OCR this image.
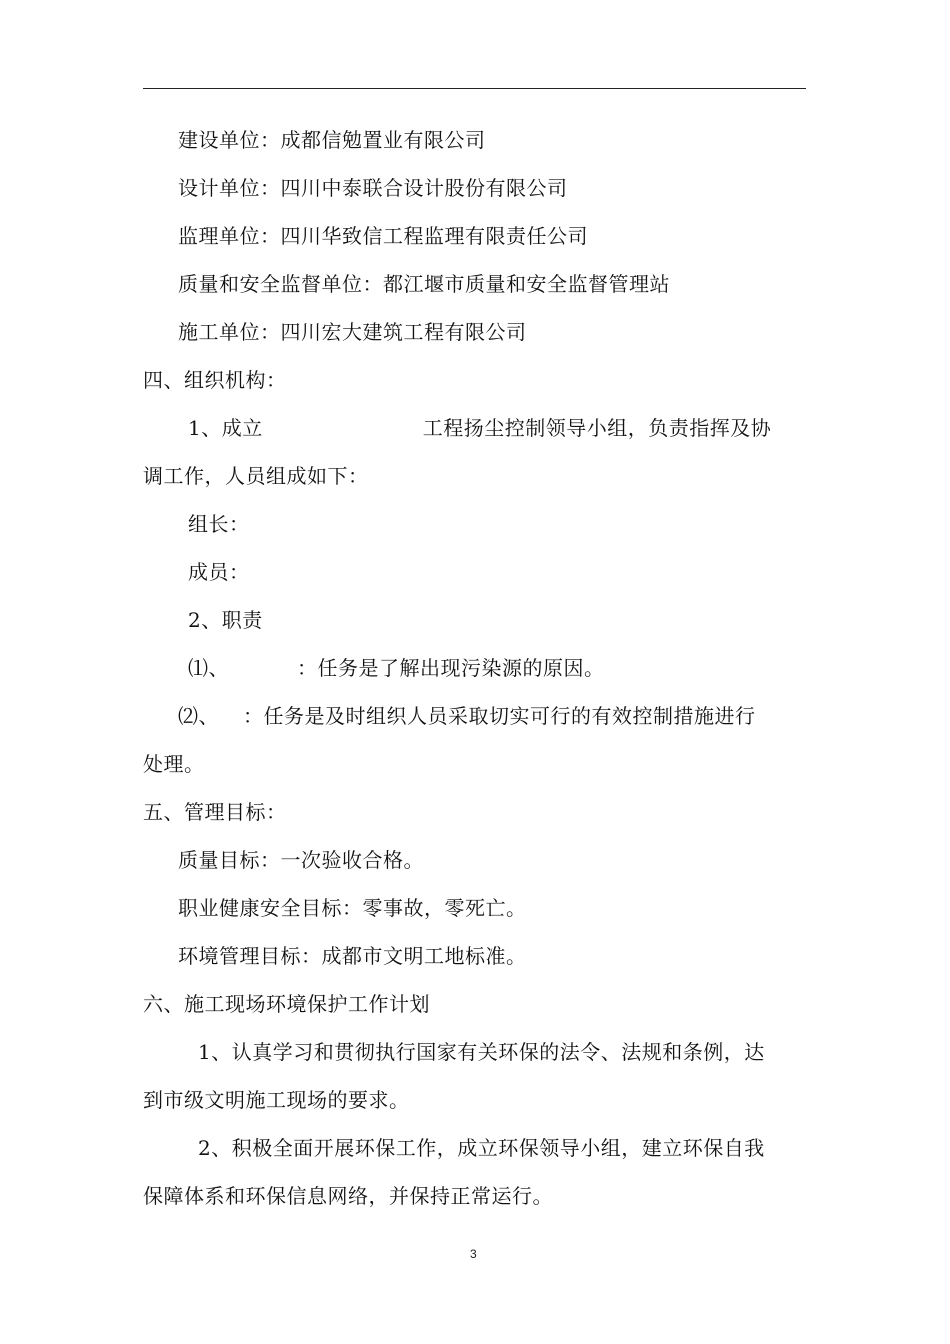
建设单位：成都信勉置业有限公司
设计单位：四川中泰联合设计股份有限公司
监理单位：四川华致信工程监理有限责任公司
质量和安全监督单位：都江堰市质量和安全监督管理站
施工单位：四川宏大建筑工程有限公司
四、组织机构：
1、成立	工程扬尘控制领导小组，负责指挥及协
调工作，人员组成如下：
组长：
成员：
2、职责
⑴、	：任务是了解出现污染源的原因。
⑵、 ：任务是及时组织人员采取切实可行的有效控制措施进行
处理。
五、管理目标：
质量目标：一次验收合格。
职业健康安全目标：零事故，零死亡。
环境管理目标：成都市文明工地标准。
六、施工现场环境保护工作计划
1、认真学习和贯彻执行国家有关环保的法令、法规和条例，达
到市级文明施工现场的要求。
2、积极全面开展环保工作，成立环保领导小组，建立环保自我
保障体系和环保信息网络，并保持正常运行。
3
